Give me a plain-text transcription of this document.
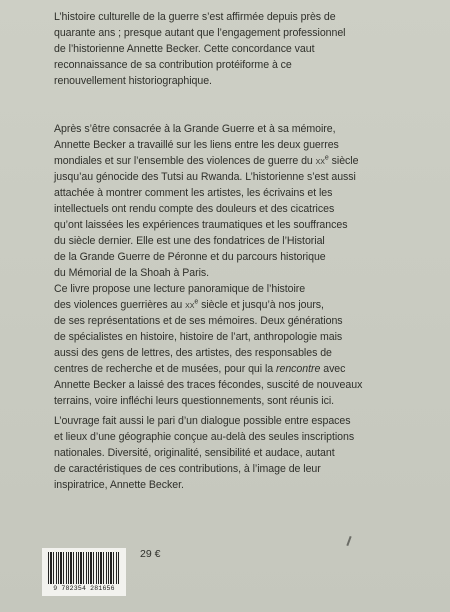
L’histoire culturelle de la guerre s’est affirmée depuis près de

quarante ans ; presque autant que l’engagement professionnel

de l’historienne Annette Becker. Cette concordance vaut

reconnaissance de sa contribution protéiforme à ce

renouvellement historiographique.

Après s’être consacrée à la Grande Guerre et à sa mémoire,

Annette Becker a travaillé sur les liens entre les deux guerres

mondiales et sur l’ensemble des violences de guerre du $xx^e$ siècle

jusqu’au génocide des Tutsi au Rwanda. L’historienne s’est aussi

attachée à montrer comment les artistes, les écrivains et les

intellectuels ont rendu compte des douleurs et des cicatrices

qu’ont laissées les expériences traumatiques et les souffrances

du siècle dernier. Elle est une des fondatrices de l’Historial

de la Grande Guerre de Péronne et du parcours historique

du Mémorial de la Shoah à Paris.

Ce livre propose une lecture panoramique de l’histoire

des violences guerrières au $xx^e$ siècle et jusqu’à nos jours,

de ses représentations et de ses mémoires. Deux générations

de spécialistes en histoire, histoire de l’art, anthropologie mais

aussi des gens de lettres, des artistes, des responsables de

centres de recherche et de musées, pour qui la rencontre avec

Annette Becker a laissé des traces fécondes, suscité de nouveaux

terrains, voire infléchi leurs questionnements, sont réunis ici.

L’ouvrage fait aussi le pari d’un dialogue possible entre espaces

et lieux d’une géographie conçue au-delà des seules inscriptions

nationales. Diversité, originalité, sensibilité et audace, autant

de caractéristiques de ces contributions, à l’image de leur

inspiratrice, Annette Becker.

9 782354 281656
29 €
